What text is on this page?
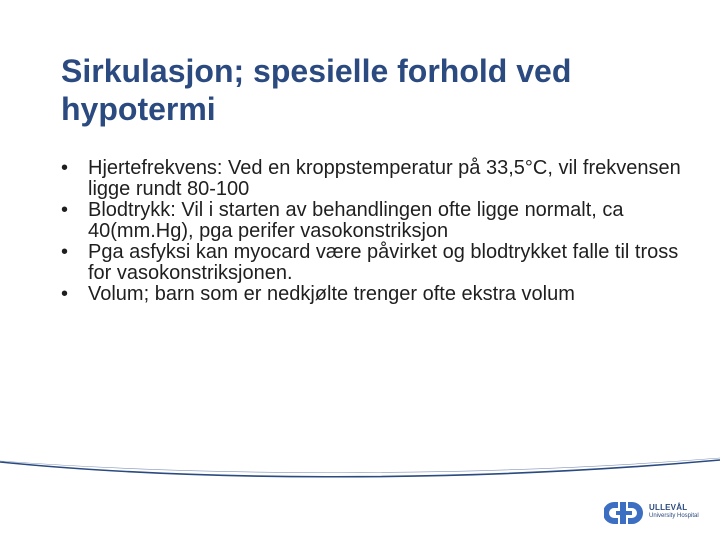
Sirkulasjon; spesielle forhold ved hypotermi
• Hjertefrekvens: Ved en kroppstemperatur på 33,5°C, vil frekvensen ligge rundt 80-100
• Blodtrykk: Vil i starten av behandlingen ofte ligge normalt, ca 40(mm.Hg), pga perifer vasokonstriksjon
• Pga asfyksi kan myocard være påvirket og blodtrykket falle til tross for vasokonstriksjonen.
• Volum; barn som er nedkjølte trenger ofte ekstra volum
ULLEVÅL
University Hospital
